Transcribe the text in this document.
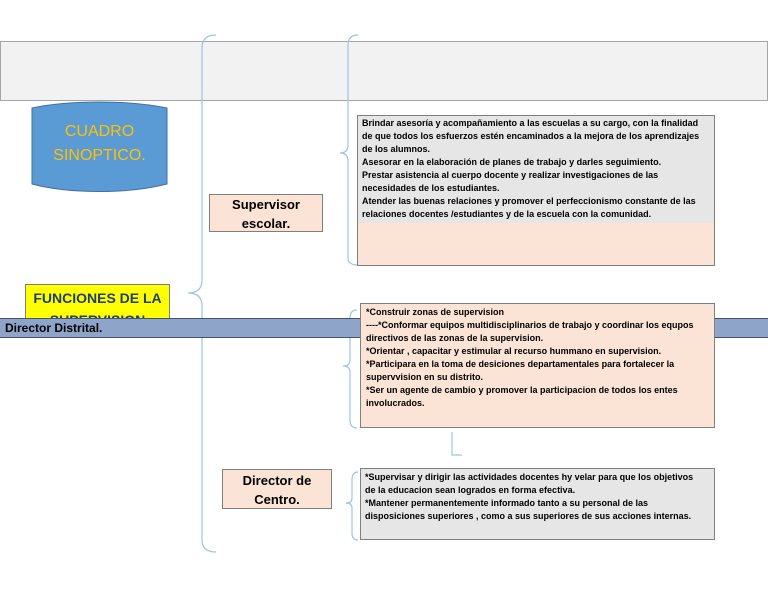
CUADRO
SINOPTICO.
FUNCIONES DE LA
Director Distrital.
Supervisor
escolar.
Brindar asesoría y acompañamiento a las escuelas a su cargo, con la finalidad
de que todos los esfuerzos estén encaminados a la mejora de los aprendizajes
de los alumnos.
Asesorar en la elaboración de planes de trabajo y darles seguimiento.
Prestar asistencia al cuerpo docente y realizar investigaciones de las
necesidades de los estudiantes.
Atender las buenas relaciones y promover el perfeccionismo constante de las
relaciones docentes /estudiantes y de la escuela con la comunidad.
*Construir zonas de supervision
----*Conformar equipos multidisciplinarios de trabajo y coordinar los equpos
directivos de las zonas de la supervision.
*Orientar , capacitar y estimular al recurso hummano en supervision.
*Participara en la toma de desiciones departamentales para fortalecer la
supervvision en su distrito.
*Ser un agente de cambio y promover la participacion de todos los entes
involucrados.
Director de
Centro.
*Supervisar y dirigir las actividades docentes hy velar para que los objetivos
de la educacion sean logrados en forma efectiva.
*Mantener permanentemente informado tanto a su personal de las
disposiciones superiores , como a sus superiores de sus acciones internas.
